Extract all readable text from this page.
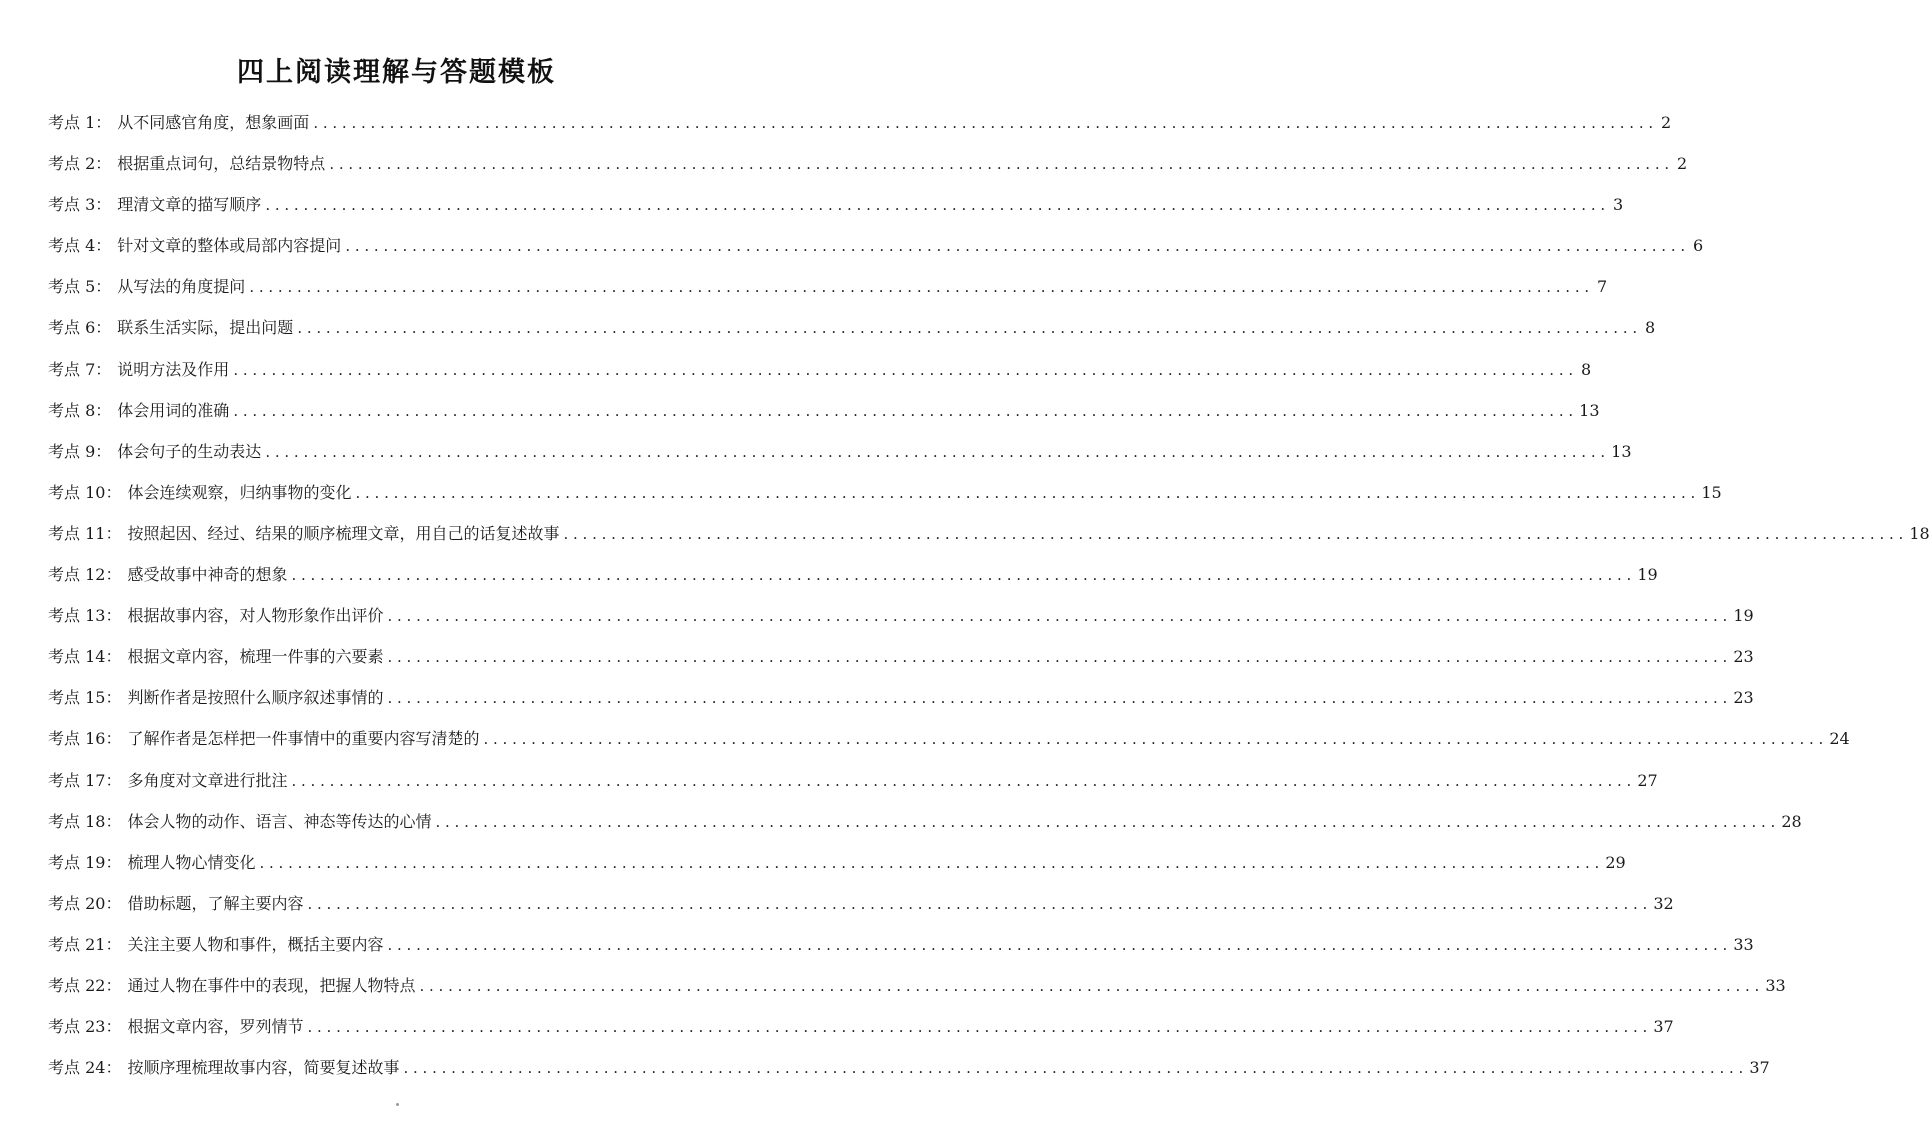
四上阅读理解与答题模板
考点 1 ： 从不同感官角度，想象画面 . . .	2
考点 2 ： 根据重点词句，总结景物特点 . . .	2
考点 3 ： 理清文章的描写顺序 . . .	3
考点 4 ： 针对文章的整体或局部内容提问 . . .	6
考点 5 ： 从写法的角度提问 . . .	7
考点 6 ： 联系生活实际，提出问题 . . .	8
考点 7 ： 说明方法及作用 . . .	8
考点 8 ： 体会用词的准确 . . .	13
考点 9 ： 体会句子的生动表达 . . .	13
考点 10 ： 体会连续观察，归纳事物的变化 . . .	15
考点 11 ： 按照起因、经过、结果的顺序梳理文章，用自己的话复述故事 . . .	18
考点 12 ： 感受故事中神奇的想象 . . .	19
考点 13 ： 根据故事内容，对人物形象作出评价 . . .	19
考点 14 ： 根据文章内容，梳理一件事的六要素 . . .	23
考点 15 ： 判断作者是按照什么顺序叙述事情的 . . .	23
考点 16 ： 了解作者是怎样把一件事情中的重要内容写清楚的 . . .	24
考点 17 ： 多角度对文章进行批注 . . .	27
考点 18 ： 体会人物的动作、语言、神态等传达的心情 . . .	28
考点 19 ： 梳理人物心情变化 . . .	29
考点 20 ： 借助标题，了解主要内容 . . .	32
考点 21 ： 关注主要人物和事件，概括主要内容 . . .	33
考点 22 ： 通过人物在事件中的表现，把握人物特点 . . .	33
考点 23 ： 根据文章内容，罗列情节 . . .	37
考点 24 ： 按顺序理梳理故事内容，简要复述故事 . . .	37
